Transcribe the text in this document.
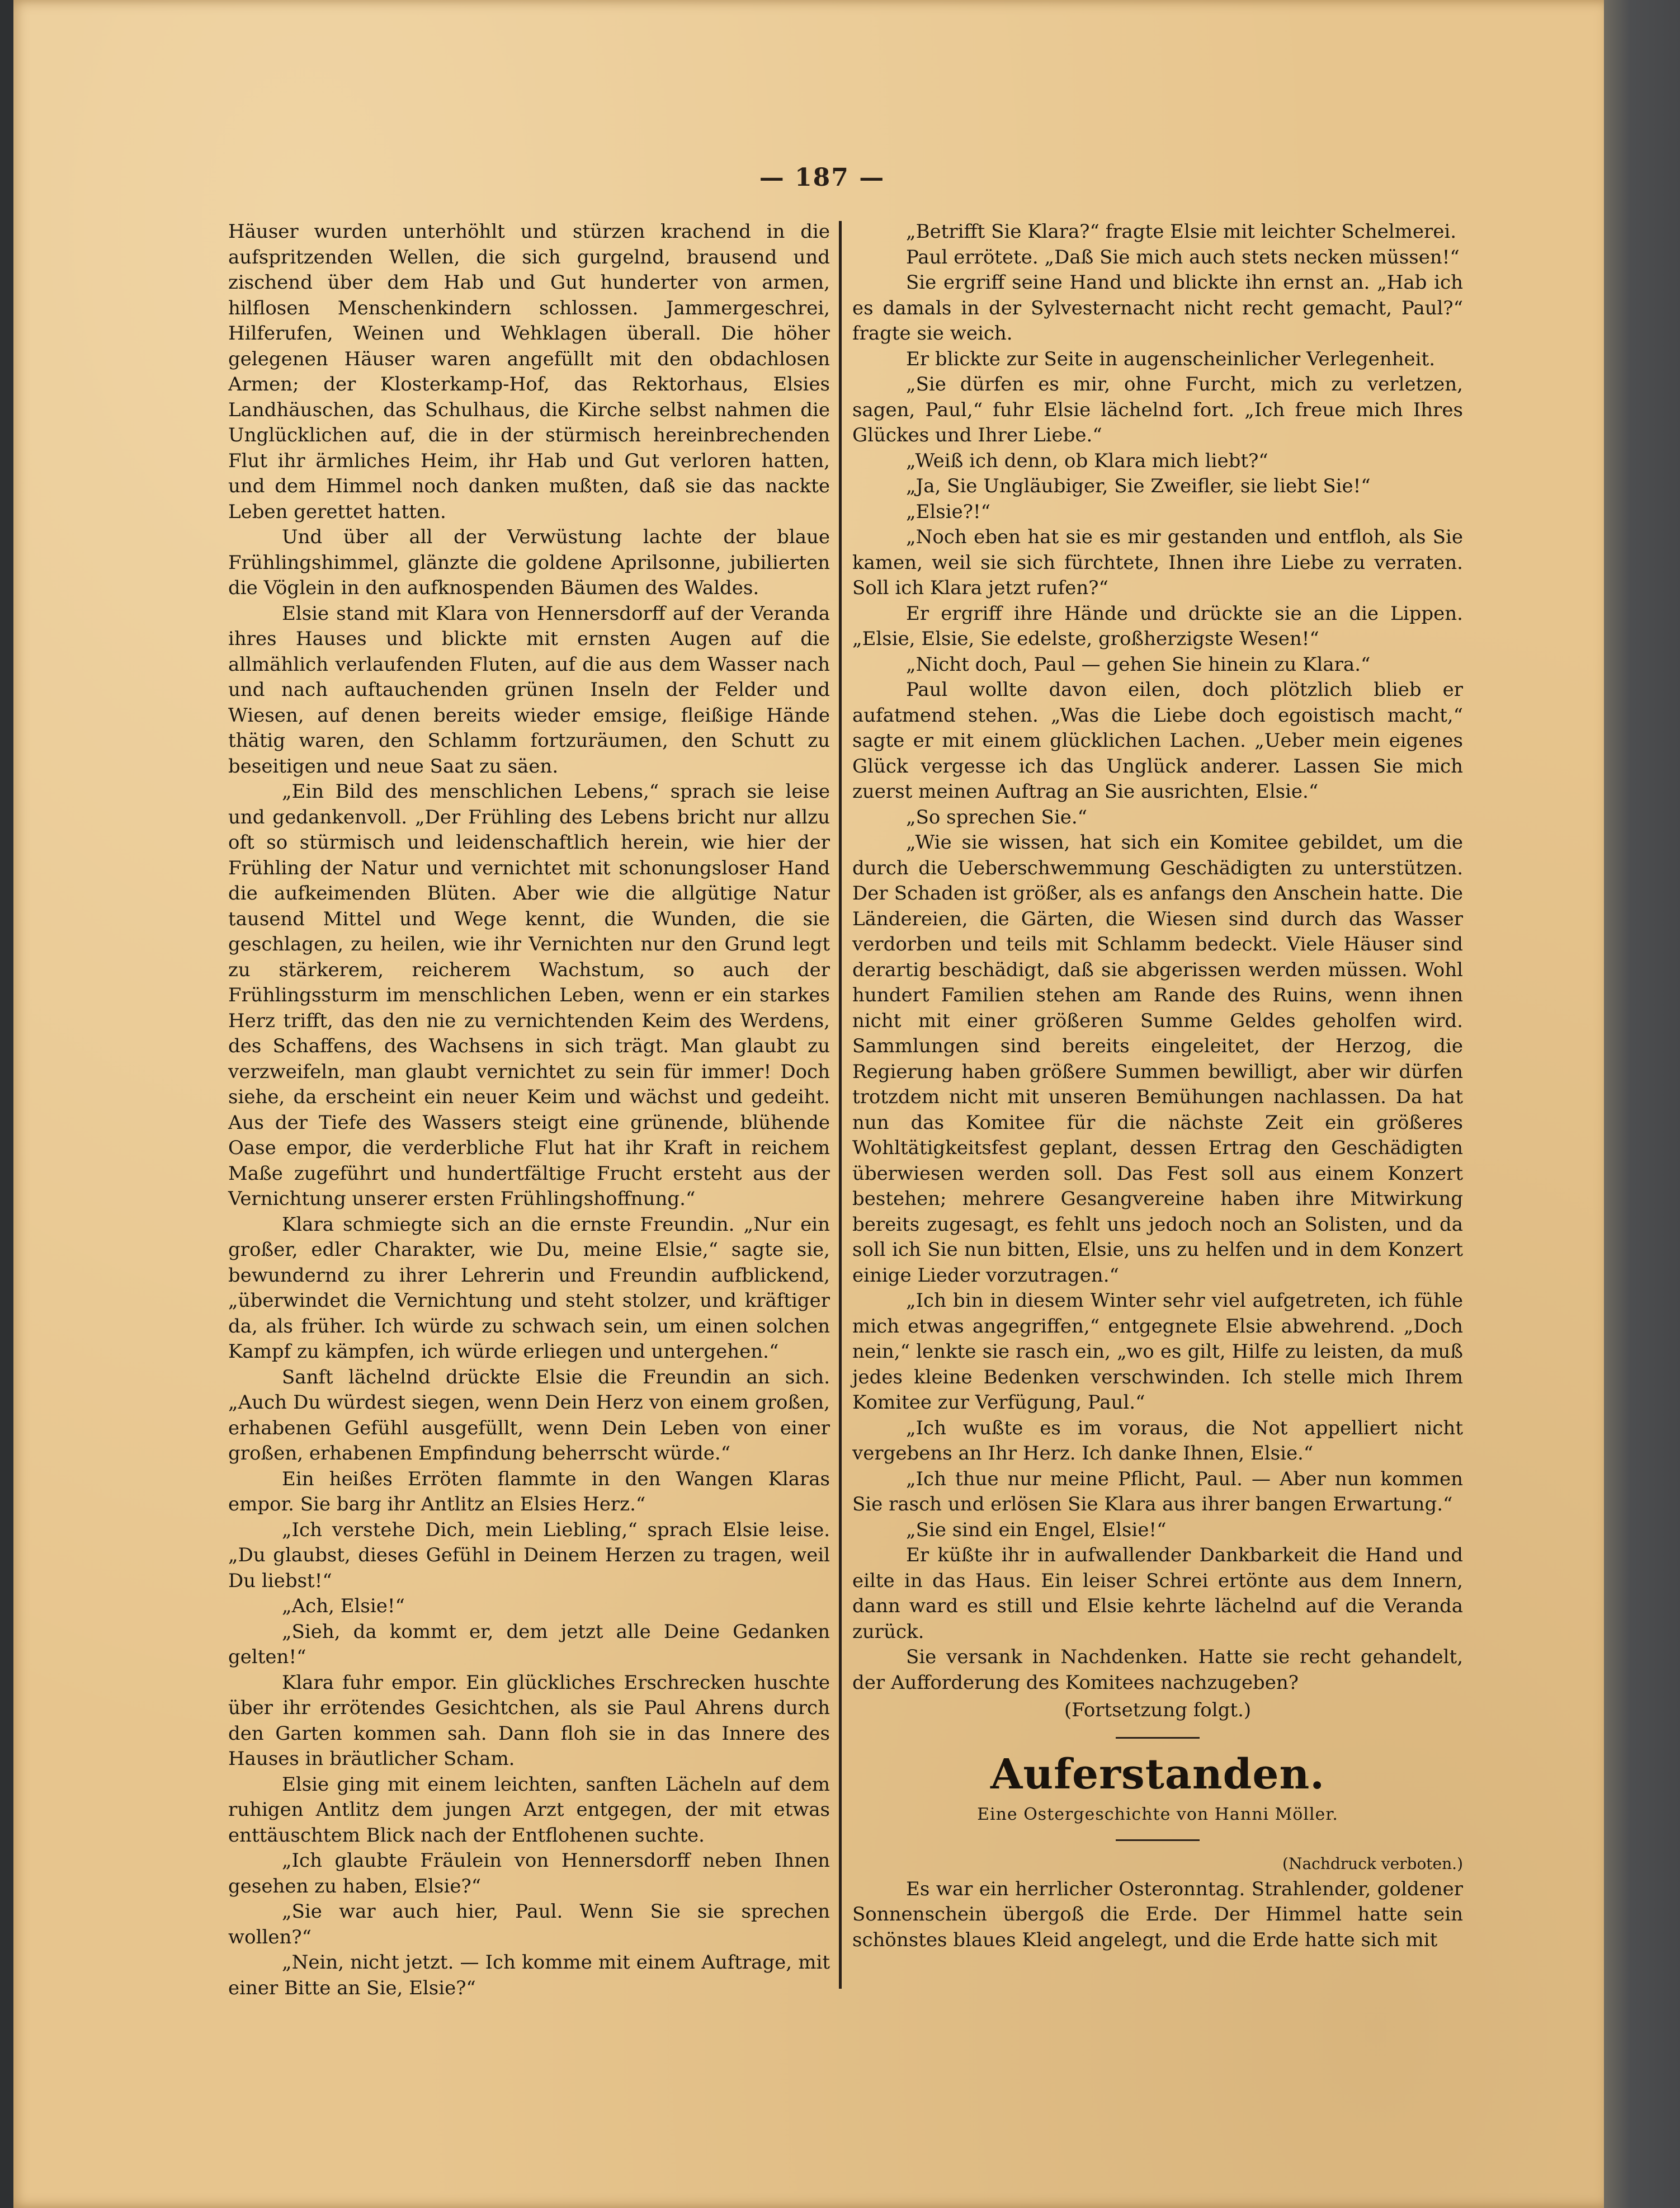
— 187 —

Häuser wurden unterhöhlt und stürzen krachend in die aufspritzenden Wellen, die sich gurgelnd, brausend und zischend über dem Hab und Gut hunderter von armen, hilflosen Menschenkindern schlossen. Jammergeschrei, Hilferufen, Weinen und Wehklagen überall. Die höher gelegenen Häuser waren angefüllt mit den obdachlosen Armen; der Klosterkamp-Hof, das Rektorhaus, Elsies Landhäuschen, das Schulhaus, die Kirche selbst nahmen die Unglücklichen auf, die in der stürmisch hereinbrechenden Flut ihr ärmliches Heim, ihr Hab und Gut verloren hatten, und dem Himmel noch danken mußten, daß sie das nackte Leben gerettet hatten.

Und über all der Verwüstung lachte der blaue Frühlingshimmel, glänzte die goldene Aprilsonne, jubilierten die Vöglein in den aufknospenden Bäumen des Waldes.

Elsie stand mit Klara von Hennersdorff auf der Veranda ihres Hauses und blickte mit ernsten Augen auf die allmählich verlaufenden Fluten, auf die aus dem Wasser nach und nach auftauchenden grünen Inseln der Felder und Wiesen, auf denen bereits wieder emsige, fleißige Hände thätig waren, den Schlamm fortzuräumen, den Schutt zu beseitigen und neue Saat zu säen.

„Ein Bild des menschlichen Lebens,“ sprach sie leise und gedankenvoll. „Der Frühling des Lebens bricht nur allzu oft so stürmisch und leidenschaftlich herein, wie hier der Frühling der Natur und vernichtet mit schonungsloser Hand die aufkeimenden Blüten. Aber wie die allgütige Natur tausend Mittel und Wege kennt, die Wunden, die sie geschlagen, zu heilen, wie ihr Vernichten nur den Grund legt zu stärkerem, reicherem Wachstum, so auch der Frühlingssturm im menschlichen Leben, wenn er ein starkes Herz trifft, das den nie zu vernichtenden Keim des Werdens, des Schaffens, des Wachsens in sich trägt. Man glaubt zu verzweifeln, man glaubt vernichtet zu sein für immer! Doch siehe, da erscheint ein neuer Keim und wächst und gedeiht. Aus der Tiefe des Wassers steigt eine grünende, blühende Oase empor, die verderbliche Flut hat ihr Kraft in reichem Maße zugeführt und hundertfältige Frucht ersteht aus der Vernichtung unserer ersten Frühlingshoffnung.“

Klara schmiegte sich an die ernste Freundin. „Nur ein großer, edler Charakter, wie Du, meine Elsie,“ sagte sie, bewundernd zu ihrer Lehrerin und Freundin aufblickend, „überwindet die Vernichtung und steht stolzer, und kräftiger da, als früher. Ich würde zu schwach sein, um einen solchen Kampf zu kämpfen, ich würde erliegen und untergehen.“

Sanft lächelnd drückte Elsie die Freundin an sich. „Auch Du würdest siegen, wenn Dein Herz von einem großen, erhabenen Gefühl ausgefüllt, wenn Dein Leben von einer großen, erhabenen Empfindung beherrscht würde.“

Ein heißes Erröten flammte in den Wangen Klaras empor. Sie barg ihr Antlitz an Elsies Herz.“

„Ich verstehe Dich, mein Liebling,“ sprach Elsie leise. „Du glaubst, dieses Gefühl in Deinem Herzen zu tragen, weil Du liebst!“

„Ach, Elsie!“

„Sieh, da kommt er, dem jetzt alle Deine Gedanken gelten!“

Klara fuhr empor. Ein glückliches Erschrecken huschte über ihr errötendes Gesichtchen, als sie Paul Ahrens durch den Garten kommen sah. Dann floh sie in das Innere des Hauses in bräutlicher Scham.

Elsie ging mit einem leichten, sanften Lächeln auf dem ruhigen Antlitz dem jungen Arzt entgegen, der mit etwas enttäuschtem Blick nach der Entflohenen suchte.

„Ich glaubte Fräulein von Hennersdorff neben Ihnen gesehen zu haben, Elsie?“

„Sie war auch hier, Paul. Wenn Sie sie sprechen wollen?“

„Nein, nicht jetzt. — Ich komme mit einem Auftrage, mit einer Bitte an Sie, Elsie?“

„Betrifft Sie Klara?“ fragte Elsie mit leichter Schelmerei.

Paul errötete. „Daß Sie mich auch stets necken müssen!“

Sie ergriff seine Hand und blickte ihn ernst an. „Hab ich es damals in der Sylvesternacht nicht recht gemacht, Paul?“ fragte sie weich.

Er blickte zur Seite in augenscheinlicher Verlegenheit.

„Sie dürfen es mir, ohne Furcht, mich zu verletzen, sagen, Paul,“ fuhr Elsie lächelnd fort. „Ich freue mich Ihres Glückes und Ihrer Liebe.“

„Weiß ich denn, ob Klara mich liebt?“

„Ja, Sie Ungläubiger, Sie Zweifler, sie liebt Sie!“

„Elsie?!“

„Noch eben hat sie es mir gestanden und entfloh, als Sie kamen, weil sie sich fürchtete, Ihnen ihre Liebe zu verraten. Soll ich Klara jetzt rufen?“

Er ergriff ihre Hände und drückte sie an die Lippen. „Elsie, Elsie, Sie edelste, großherzigste Wesen!“

„Nicht doch, Paul — gehen Sie hinein zu Klara.“

Paul wollte davon eilen, doch plötzlich blieb er aufatmend stehen. „Was die Liebe doch egoistisch macht,“ sagte er mit einem glücklichen Lachen. „Ueber mein eigenes Glück vergesse ich das Unglück anderer. Lassen Sie mich zuerst meinen Auftrag an Sie ausrichten, Elsie.“

„So sprechen Sie.“

„Wie sie wissen, hat sich ein Komitee gebildet, um die durch die Ueberschwemmung Geschädigten zu unterstützen. Der Schaden ist größer, als es anfangs den Anschein hatte. Die Ländereien, die Gärten, die Wiesen sind durch das Wasser verdorben und teils mit Schlamm bedeckt. Viele Häuser sind derartig beschädigt, daß sie abgerissen werden müssen. Wohl hundert Familien stehen am Rande des Ruins, wenn ihnen nicht mit einer größeren Summe Geldes geholfen wird. Sammlungen sind bereits eingeleitet, der Herzog, die Regierung haben größere Summen bewilligt, aber wir dürfen trotzdem nicht mit unseren Bemühungen nachlassen. Da hat nun das Komitee für die nächste Zeit ein größeres Wohltätigkeitsfest geplant, dessen Ertrag den Geschädigten überwiesen werden soll. Das Fest soll aus einem Konzert bestehen; mehrere Gesangvereine haben ihre Mitwirkung bereits zugesagt, es fehlt uns jedoch noch an Solisten, und da soll ich Sie nun bitten, Elsie, uns zu helfen und in dem Konzert einige Lieder vorzutragen.“

„Ich bin in diesem Winter sehr viel aufgetreten, ich fühle mich etwas angegriffen,“ entgegnete Elsie abwehrend. „Doch nein,“ lenkte sie rasch ein, „wo es gilt, Hilfe zu leisten, da muß jedes kleine Bedenken verschwinden. Ich stelle mich Ihrem Komitee zur Verfügung, Paul.“

„Ich wußte es im voraus, die Not appelliert nicht vergebens an Ihr Herz. Ich danke Ihnen, Elsie.“

„Ich thue nur meine Pflicht, Paul. — Aber nun kommen Sie rasch und erlösen Sie Klara aus ihrer bangen Erwartung.“

„Sie sind ein Engel, Elsie!“

Er küßte ihr in aufwallender Dankbarkeit die Hand und eilte in das Haus. Ein leiser Schrei ertönte aus dem Innern, dann ward es still und Elsie kehrte lächelnd auf die Veranda zurück.

Sie versank in Nachdenken. Hatte sie recht gehandelt, der Aufforderung des Komitees nachzugeben?

(Fortsetzung folgt.)
Auferstanden.
Eine Ostergeschichte von Hanni Möller.
(Nachdruck verboten.)

Es war ein herrlicher Osteronntag. Strahlender, goldener Sonnenschein übergoß die Erde. Der Himmel hatte sein schönstes blaues Kleid angelegt, und die Erde hatte sich mit
